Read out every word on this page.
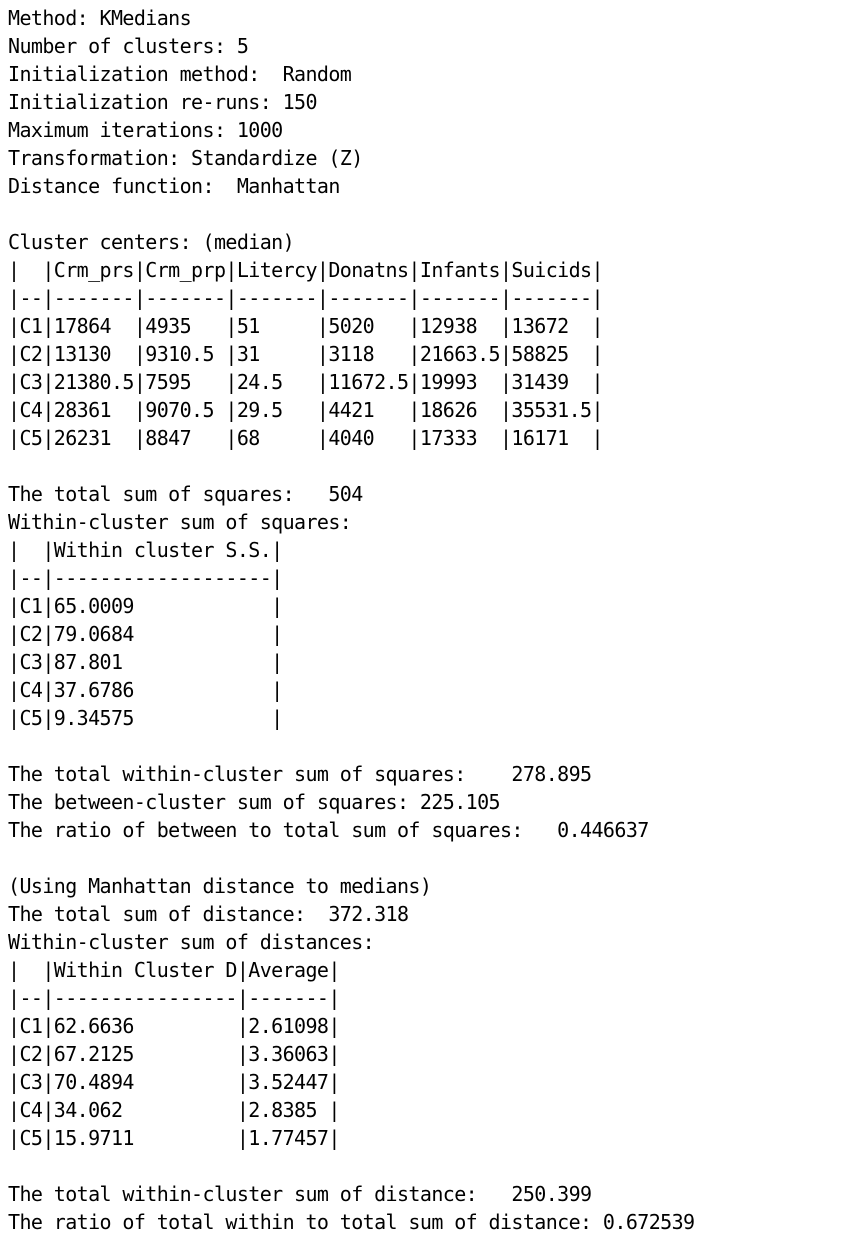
Method: KMedians
Number of clusters: 5
Initialization method:  Random
Initialization re-runs: 150
Maximum iterations: 1000
Transformation: Standardize (Z)
Distance function:  Manhattan
Cluster centers: (median)
|  |Crm_prs|Crm_prp|Litercy|Donatns|Infants|Suicids|
|--|-------|-------|-------|-------|-------|-------|
|C1|17864  |4935   |51     |5020   |12938  |13672  |
|C2|13130  |9310.5 |31     |3118   |21663.5|58825  |
|C3|21380.5|7595   |24.5   |11672.5|19993  |31439  |
|C4|28361  |9070.5 |29.5   |4421   |18626  |35531.5|
|C5|26231  |8847   |68     |4040   |17333  |16171  |
The total sum of squares:   504
Within-cluster sum of squares:
|  |Within cluster S.S.|
|--|-------------------|
|C1|65.0009            |
|C2|79.0684            |
|C3|87.801             |
|C4|37.6786            |
|C5|9.34575            |
The total within-cluster sum of squares:    278.895
The between-cluster sum of squares: 225.105
The ratio of between to total sum of squares:   0.446637
(Using Manhattan distance to medians)
The total sum of distance:  372.318
Within-cluster sum of distances:
|  |Within Cluster D|Average|
|--|----------------|-------|
|C1|62.6636         |2.61098|
|C2|67.2125         |3.36063|
|C3|70.4894         |3.52447|
|C4|34.062          |2.8385 |
|C5|15.9711         |1.77457|
The total within-cluster sum of distance:   250.399
The ratio of total within to total sum of distance: 0.672539
